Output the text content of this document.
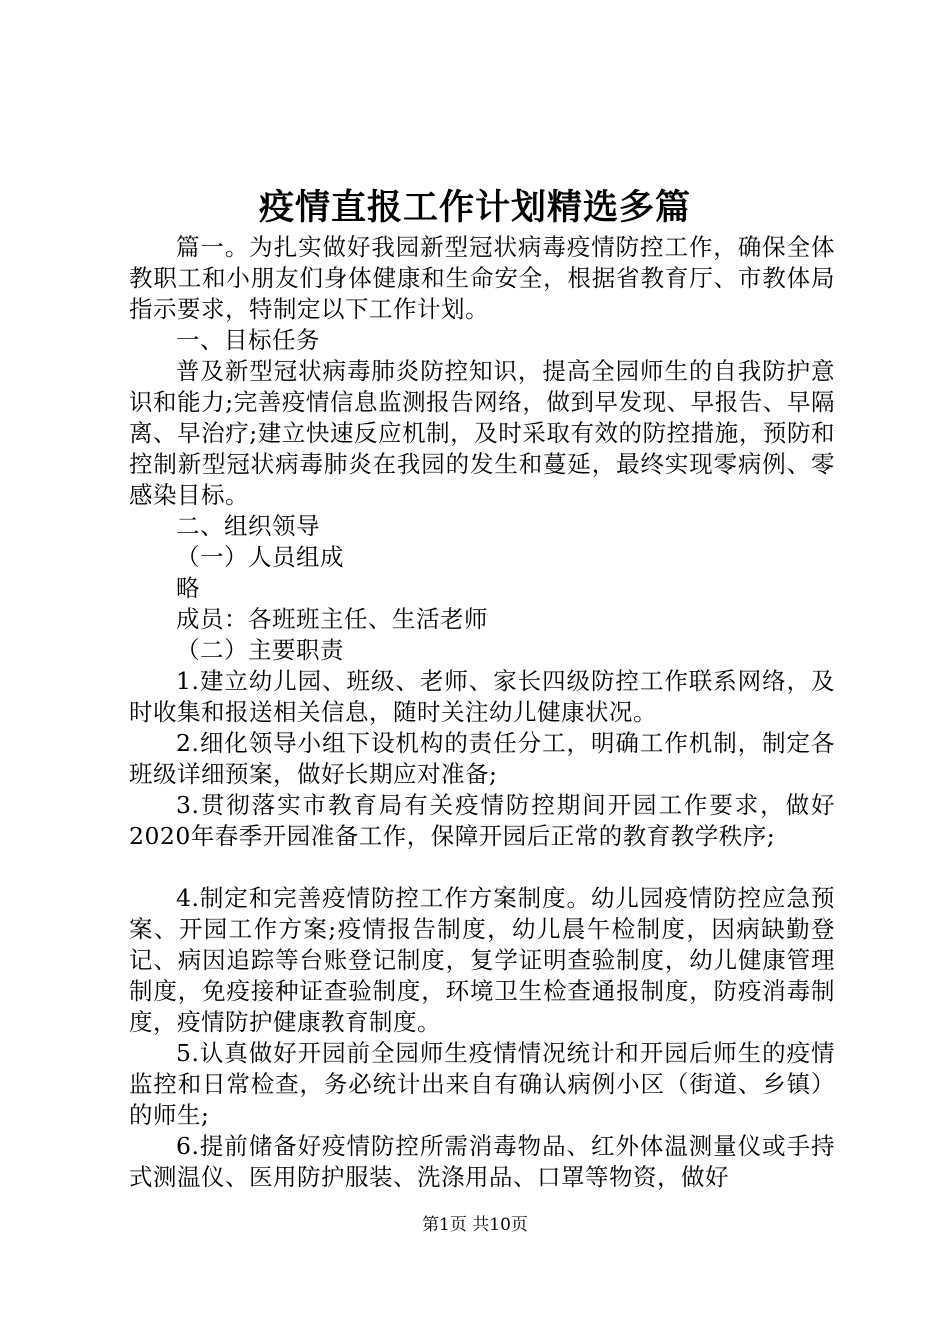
疫情直报工作计划精选多篇

篇一。为扎实做好我园新型冠状病毒疫情防控工作，确保全体教职工和小朋友们身体健康和生命安全，根据省教育厅、市教体局指示要求，特制定以下工作计划。

一、目标任务

普及新型冠状病毒肺炎防控知识，提高全园师生的自我防护意识和能力;完善疫情信息监测报告网络，做到早发现、早报告、早隔离、早治疗;建立快速反应机制，及时采取有效的防控措施，预防和控制新型冠状病毒肺炎在我园的发生和蔓延，最终实现零病例、零感染目标。

二、组织领导

（一）人员组成

略

成员：各班班主任、生活老师

（二）主要职责

1.建立幼儿园、班级、老师、家长四级防控工作联系网络，及时收集和报送相关信息，随时关注幼儿健康状况。

2.细化领导小组下设机构的责任分工，明确工作机制，制定各班级详细预案，做好长期应对准备;

3.贯彻落实市教育局有关疫情防控期间开园工作要求，做好2020年春季开园准备工作，保障开园后正常的教育教学秩序;

4.制定和完善疫情防控工作方案制度。幼儿园疫情防控应急预案、开园工作方案;疫情报告制度，幼儿晨午检制度，因病缺勤登记、病因追踪等台账登记制度，复学证明查验制度，幼儿健康管理制度，免疫接种证查验制度，环境卫生检查通报制度，防疫消毒制度，疫情防护健康教育制度。

5.认真做好开园前全园师生疫情情况统计和开园后师生的疫情监控和日常检查，务必统计出来自有确认病例小区（街道、乡镇）的师生;

6.提前储备好疫情防控所需消毒物品、红外体温测量仪或手持式测温仪、医用防护服装、洗涤用品、口罩等物资，做好

第1页 共10页
